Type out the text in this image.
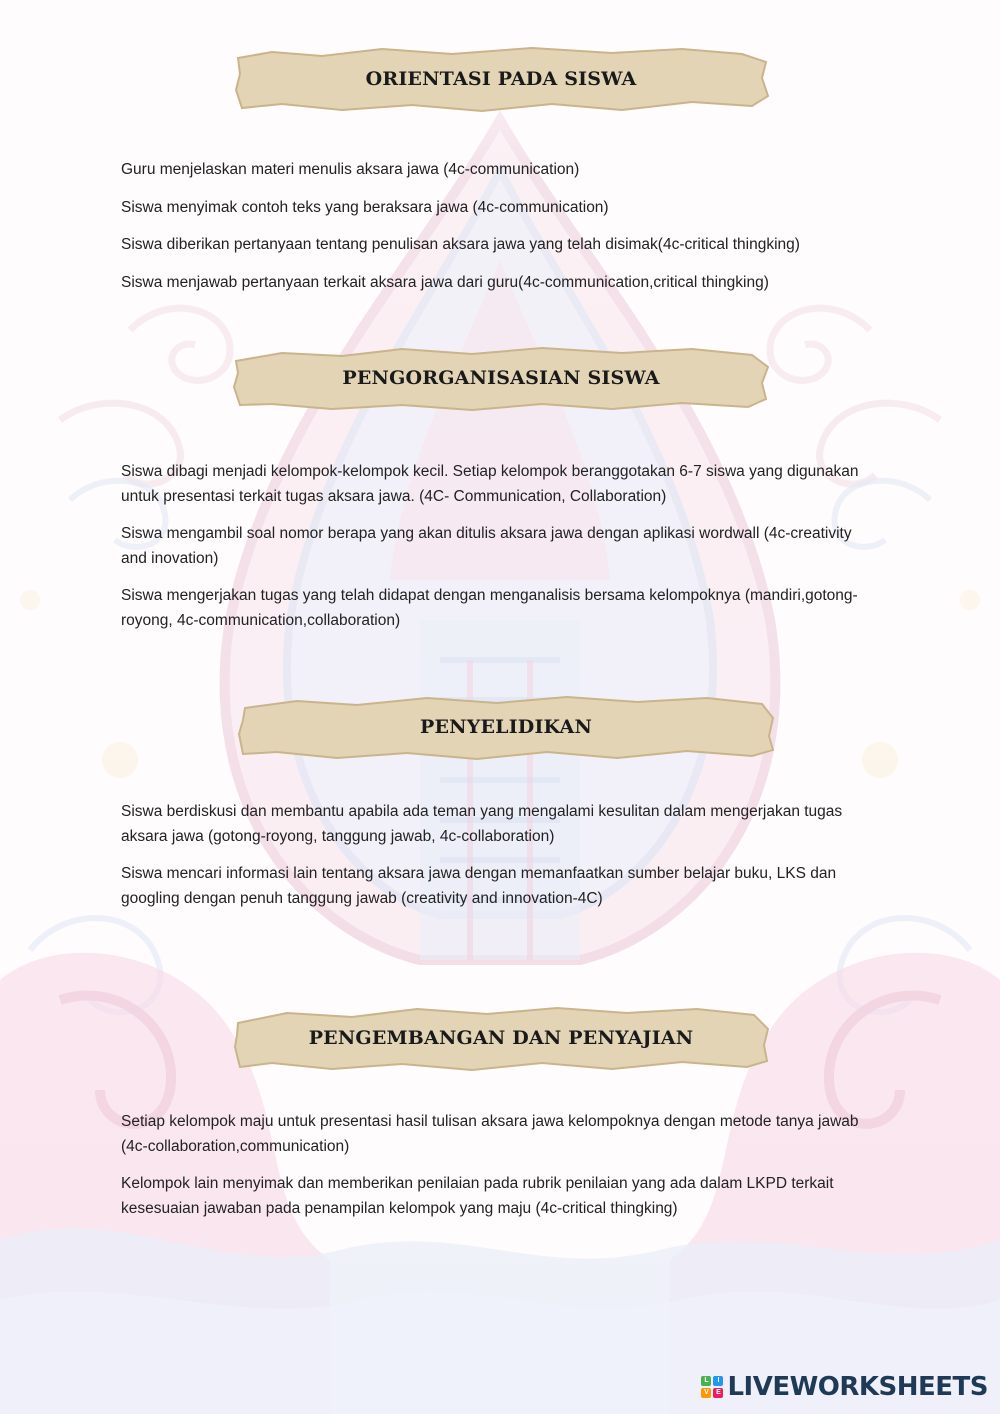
ORIENTASI PADA SISWA

Guru menjelaskan materi menulis aksara jawa (4c-communication)

Siswa menyimak contoh teks yang beraksara jawa (4c-communication)

Siswa diberikan pertanyaan tentang penulisan aksara jawa yang telah disimak(4c-critical thingking)

Siswa menjawab pertanyaan terkait aksara jawa dari guru(4c-communication,critical thingking)

PENGORGANISASIAN SISWA

Siswa dibagi menjadi kelompok-kelompok kecil. Setiap kelompok beranggotakan 6-7 siswa yang digunakan untuk presentasi terkait tugas aksara jawa. (4C- Communication, Collaboration)

Siswa mengambil soal nomor berapa yang akan ditulis aksara jawa dengan aplikasi wordwall (4c-creativity and inovation)

Siswa mengerjakan tugas yang telah didapat dengan menganalisis bersama kelompoknya (mandiri,gotong-royong, 4c-communication,collaboration)

PENYELIDIKAN

Siswa berdiskusi dan membantu apabila ada teman yang mengalami kesulitan dalam mengerjakan tugas aksara jawa (gotong-royong, tanggung jawab, 4c-collaboration)

Siswa mencari informasi lain tentang aksara jawa dengan memanfaatkan sumber belajar buku, LKS dan googling dengan penuh tanggung jawab (creativity and innovation-4C)

PENGEMBANGAN DAN PENYAJIAN

Setiap kelompok maju untuk presentasi hasil tulisan aksara jawa kelompoknya dengan metode tanya jawab (4c-collaboration,communication)

Kelompok lain menyimak dan memberikan penilaian pada rubrik penilaian yang ada dalam LKPD terkait kesesuaian jawaban pada penampilan kelompok yang maju (4c-critical thingking)

L	I
V	E LIVEWORKSHEETS
